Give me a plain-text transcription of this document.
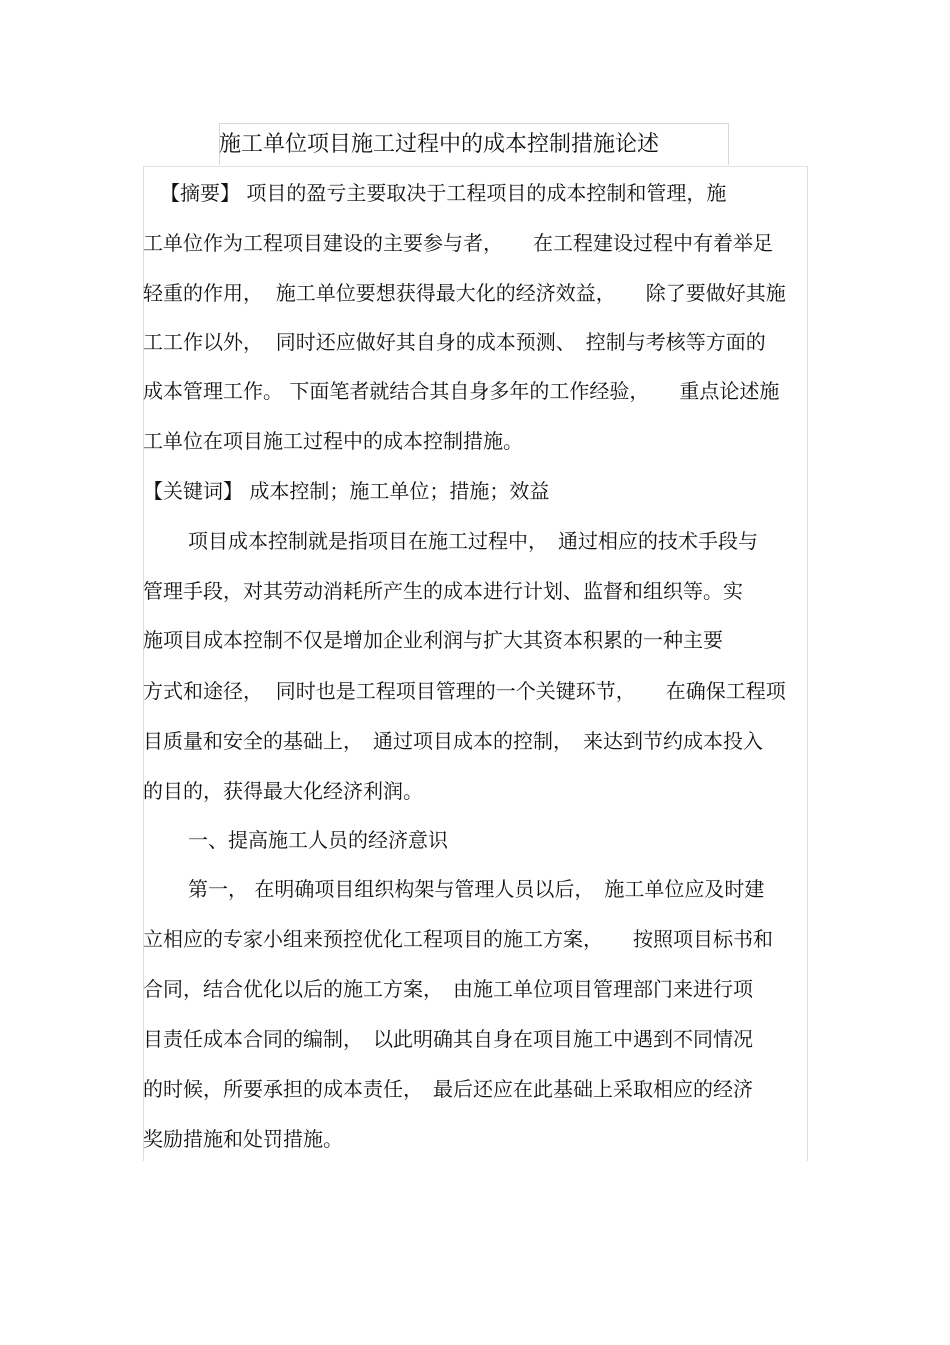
施工单位项目施工过程中的成本控制措施论述
【摘要】 项目的盈亏主要取决于工程项目的成本控制和管理，施
工单位作为工程项目建设的主要参与者，　　在工程建设过程中有着举足
轻重的作用，  施工单位要想获得最大化的经济效益，　　除了要做好其施
工工作以外，  同时还应做好其自身的成本预测、　控制与考核等方面的
成本管理工作。 下面笔者就结合其自身多年的工作经验，　　重点论述施
工单位在项目施工过程中的成本控制措施。
【关键词】 成本控制；施工单位；措施；效益
项目成本控制就是指项目在施工过程中，　通过相应的技术手段与
管理手段，对其劳动消耗所产生的成本进行计划、监督和组织等。实
施项目成本控制不仅是增加企业利润与扩大其资本积累的一种主要
方式和途径，  同时也是工程项目管理的一个关键环节，　　在确保工程项
目质量和安全的基础上，　通过项目成本的控制，　来达到节约成本投入
的目的，获得最大化经济利润。
一、提高施工人员的经济意识
第一， 在明确项目组织构架与管理人员以后，　施工单位应及时建
立相应的专家小组来预控优化工程项目的施工方案，　　按照项目标书和
合同，结合优化以后的施工方案，　由施工单位项目管理部门来进行项
目责任成本合同的编制，　以此明确其自身在项目施工中遇到不同情况
的时候，所要承担的成本责任，　最后还应在此基础上采取相应的经济
奖励措施和处罚措施。
